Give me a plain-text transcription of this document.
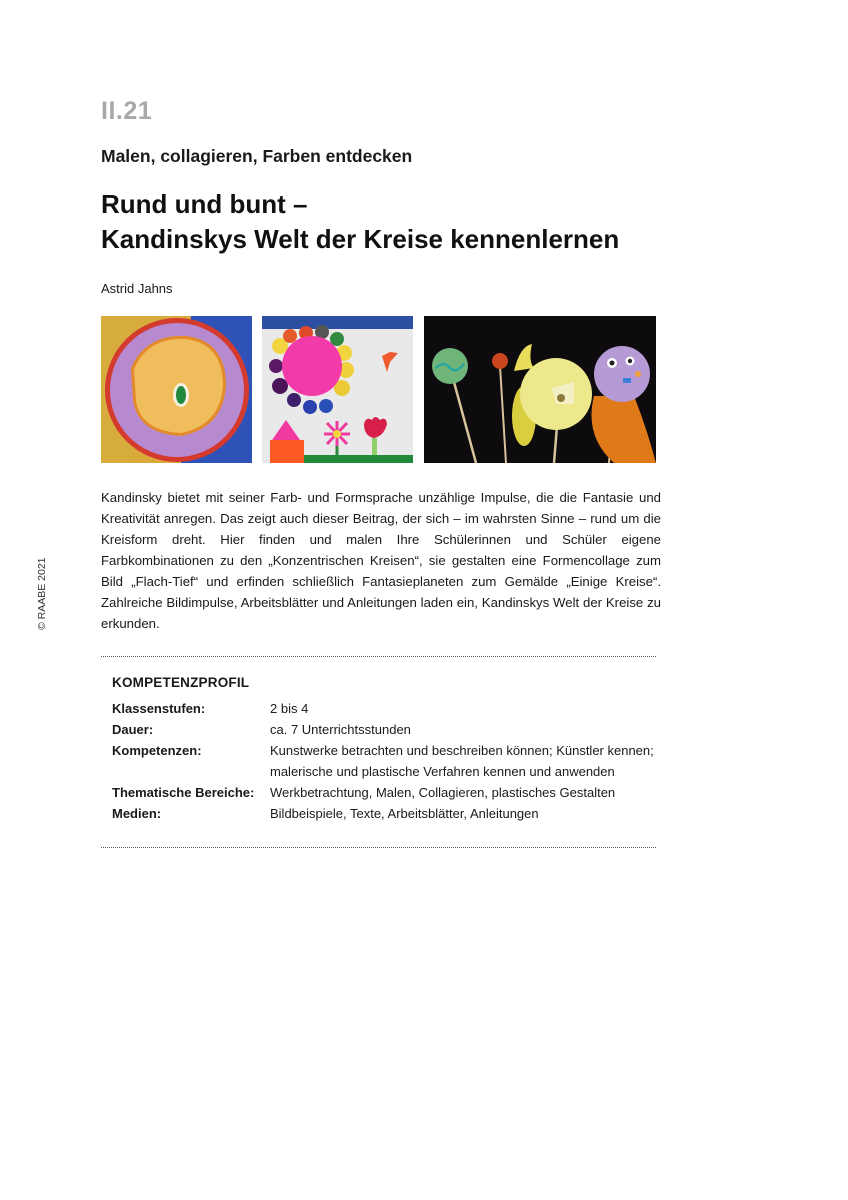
II.21
Malen, collagieren, Farben entdecken
Rund und bunt –
Kandinskys Welt der Kreise kennenlernen
Astrid Jahns
Kandinsky bietet mit seiner Farb- und Formsprache unzählige Impulse, die die Fantasie und Kreativität anregen. Das zeigt auch dieser Beitrag, der sich – im wahrsten Sinne – rund um die Kreisform dreht. Hier finden und malen Ihre Schülerinnen und Schüler eigene Farbkombinationen zu den „Konzentrischen Kreisen“, sie gestalten eine Formencollage zum Bild „Flach-Tief“ und erfinden schließlich Fantasieplaneten zum Gemälde „Einige Kreise“. Zahlreiche Bildimpulse, Arbeitsblätter und Anleitungen laden ein, Kandinskys Welt der Kreise zu erkunden.
KOMPETENZPROFIL
Klassenstufen:	2 bis 4
Dauer:	ca. 7 Unterrichtsstunden
Kompetenzen:	Kunstwerke betrachten und beschreiben können; Künstler kennen; malerische und plastische Verfahren kennen und anwenden
Thematische Bereiche:	Werkbetrachtung, Malen, Collagieren, plastisches Gestalten
Medien:	Bildbeispiele, Texte, Arbeitsblätter, Anleitungen
© RAABE 2021
